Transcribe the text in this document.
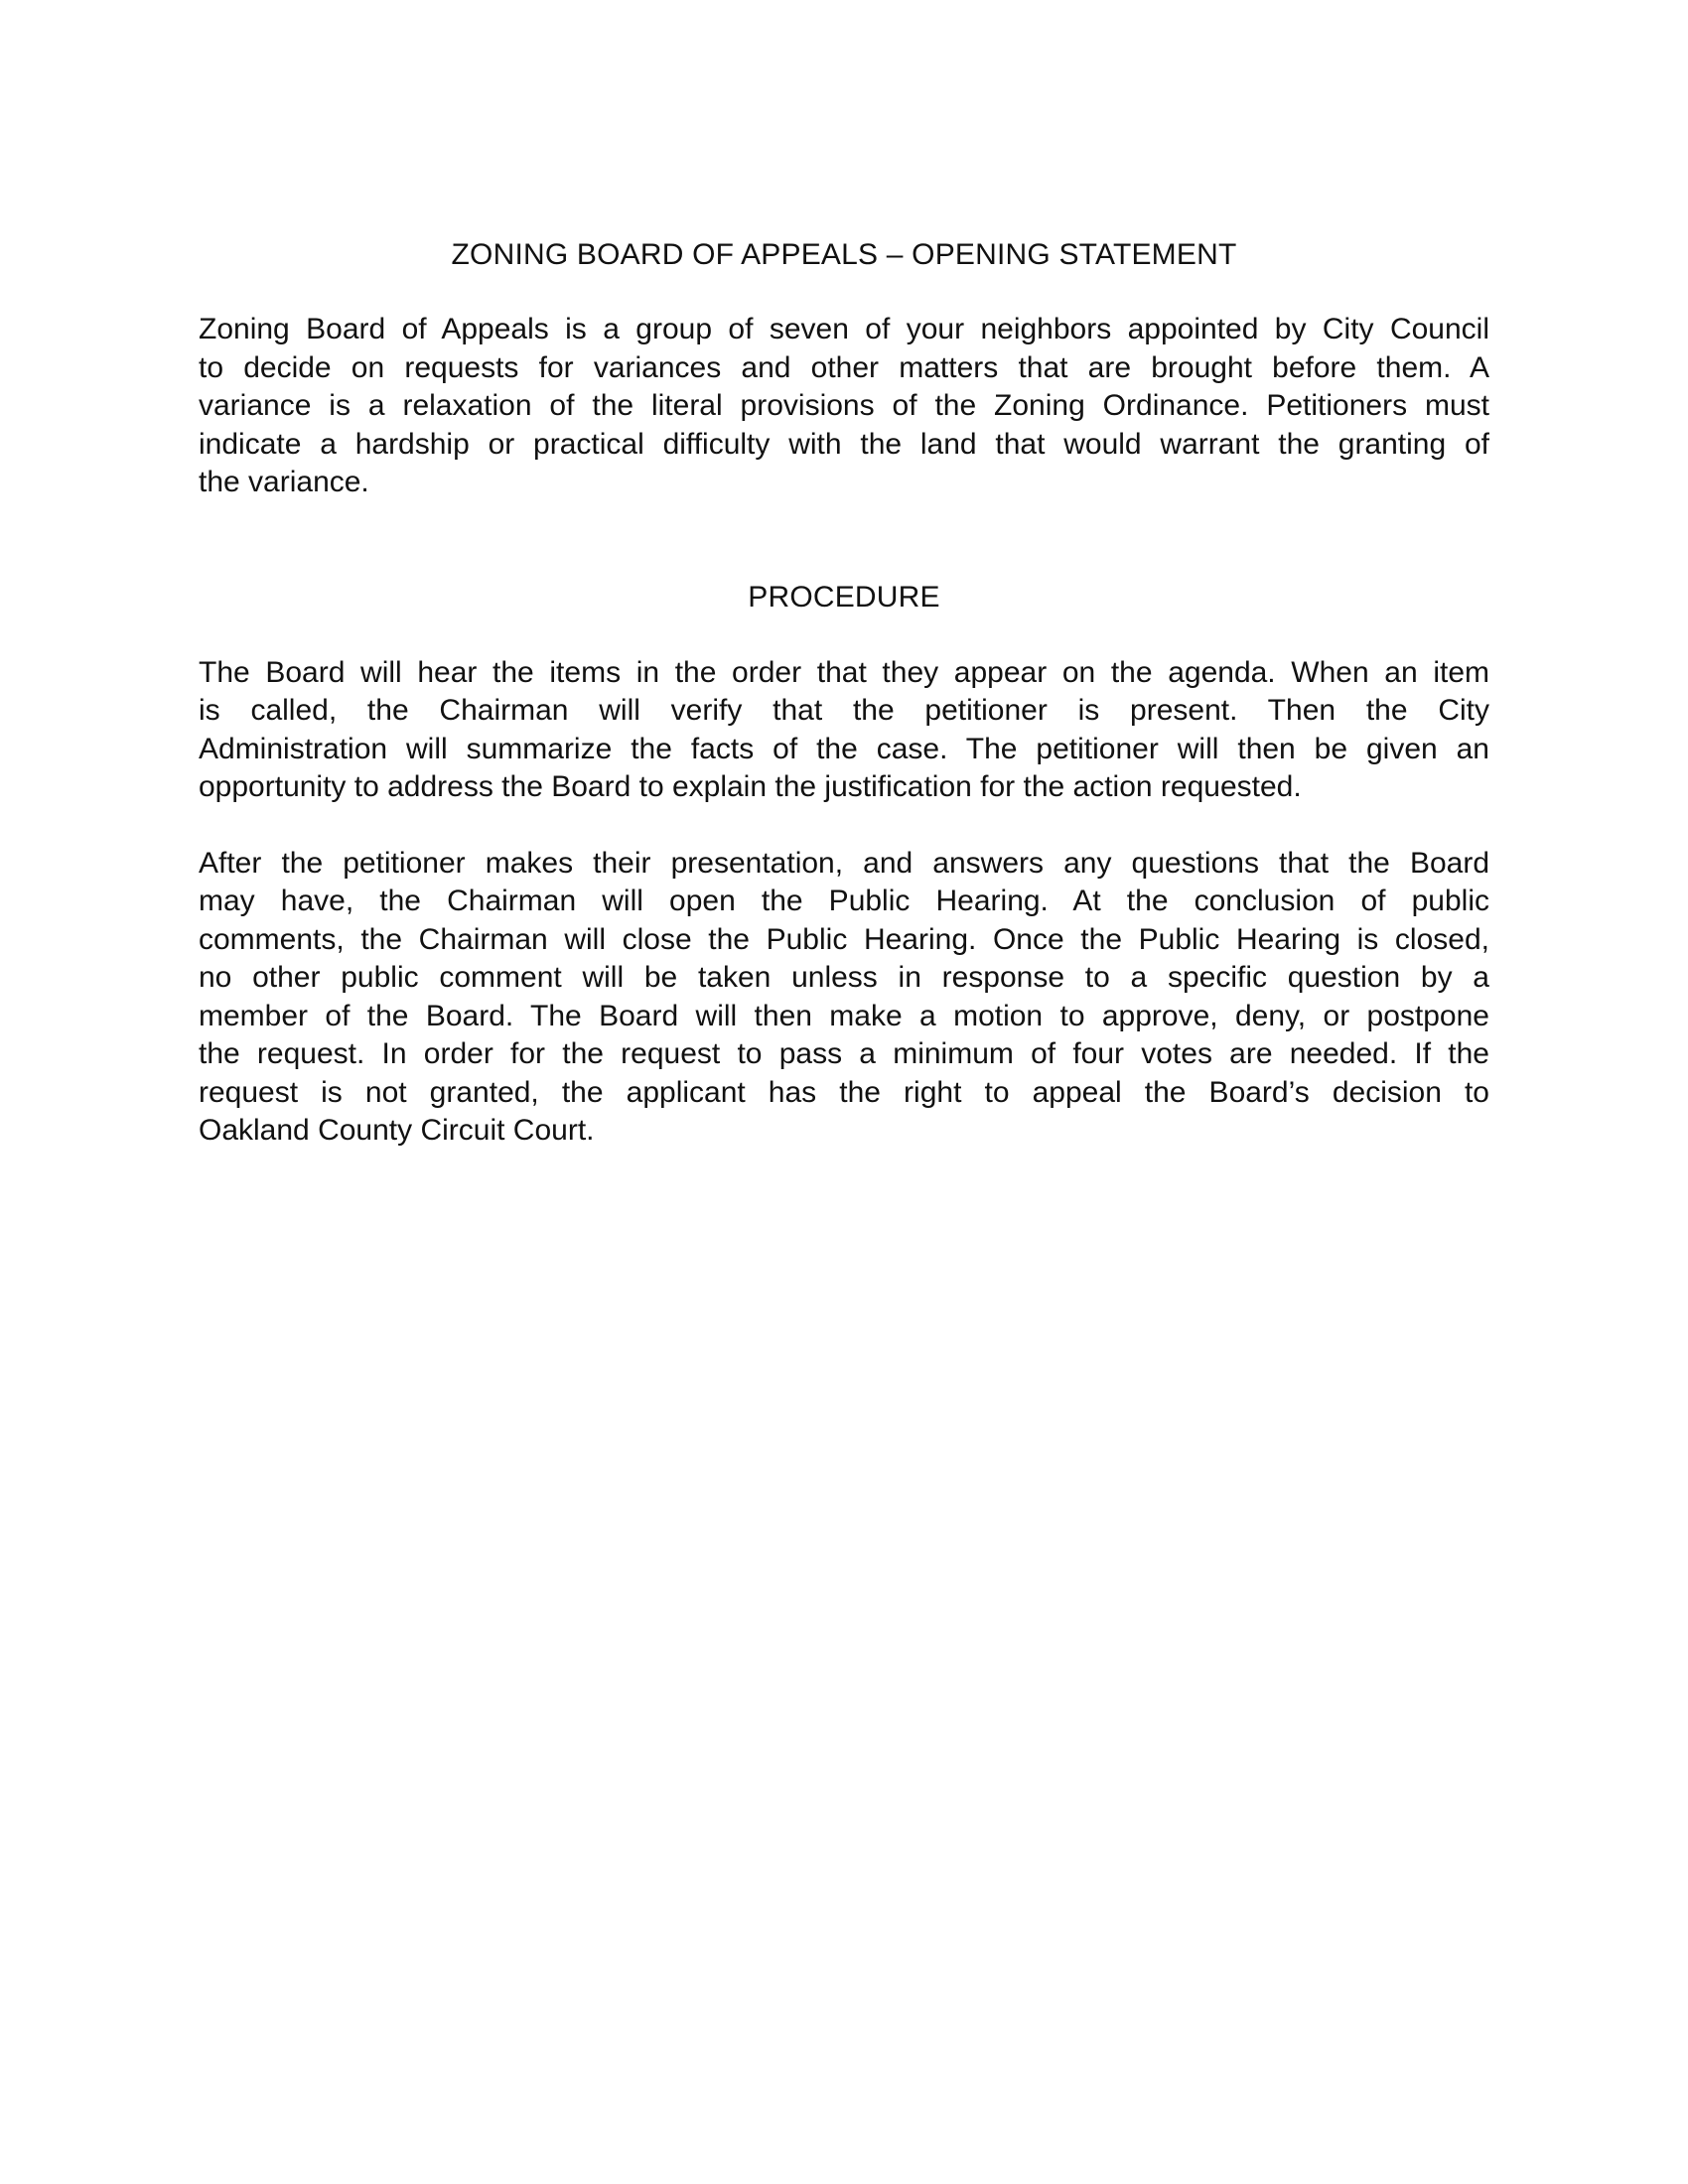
ZONING BOARD OF APPEALS – OPENING STATEMENT

Zoning Board of Appeals is a group of seven of your neighbors appointed by City Council
to decide on requests for variances and other matters that are brought before them. A
variance is a relaxation of the literal provisions of the Zoning Ordinance. Petitioners must
indicate a hardship or practical difficulty with the land that would warrant the granting of
the variance.

PROCEDURE

The Board will hear the items in the order that they appear on the agenda. When an item
is called, the Chairman will verify that the petitioner is present. Then the City
Administration will summarize the facts of the case. The petitioner will then be given an
opportunity to address the Board to explain the justification for the action requested.

After the petitioner makes their presentation, and answers any questions that the Board
may have, the Chairman will open the Public Hearing. At the conclusion of public
comments, the Chairman will close the Public Hearing. Once the Public Hearing is closed,
no other public comment will be taken unless in response to a specific question by a
member of the Board. The Board will then make a motion to approve, deny, or postpone
the request. In order for the request to pass a minimum of four votes are needed. If the
request is not granted, the applicant has the right to appeal the Board’s decision to
Oakland County Circuit Court.
